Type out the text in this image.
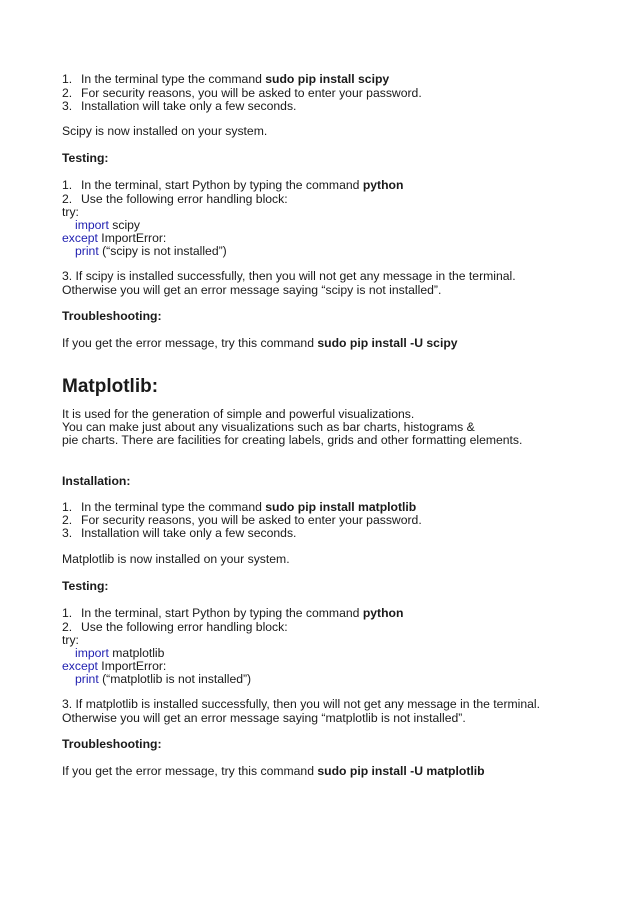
1. In the terminal type the command sudo pip install scipy
2. For security reasons, you will be asked to enter your password.
3. Installation will take only a few seconds.
Scipy is now installed on your system.
Testing:
1. In the terminal, start Python by typing the command python
2. Use the following error handling block:
try:
import scipy
except ImportError:
print (“scipy is not installed”)
3. If scipy is installed successfully, then you will not get any message in the terminal.
Otherwise you will get an error message saying “scipy is not installed”.
Troubleshooting:
If you get the error message, try this command sudo pip install -U scipy
Matplotlib:
It is used for the generation of simple and powerful visualizations.
You can make just about any visualizations such as bar charts, histograms &
pie charts. There are facilities for creating labels, grids and other formatting elements.
Installation:
1. In the terminal type the command sudo pip install matplotlib
2. For security reasons, you will be asked to enter your password.
3. Installation will take only a few seconds.
Matplotlib is now installed on your system.
Testing:
1. In the terminal, start Python by typing the command python
2. Use the following error handling block:
try:
import matplotlib
except ImportError:
print (“matplotlib is not installed”)
3. If matplotlib is installed successfully, then you will not get any message in the terminal.
Otherwise you will get an error message saying “matplotlib is not installed”.
Troubleshooting:
If you get the error message, try this command sudo pip install -U matplotlib
